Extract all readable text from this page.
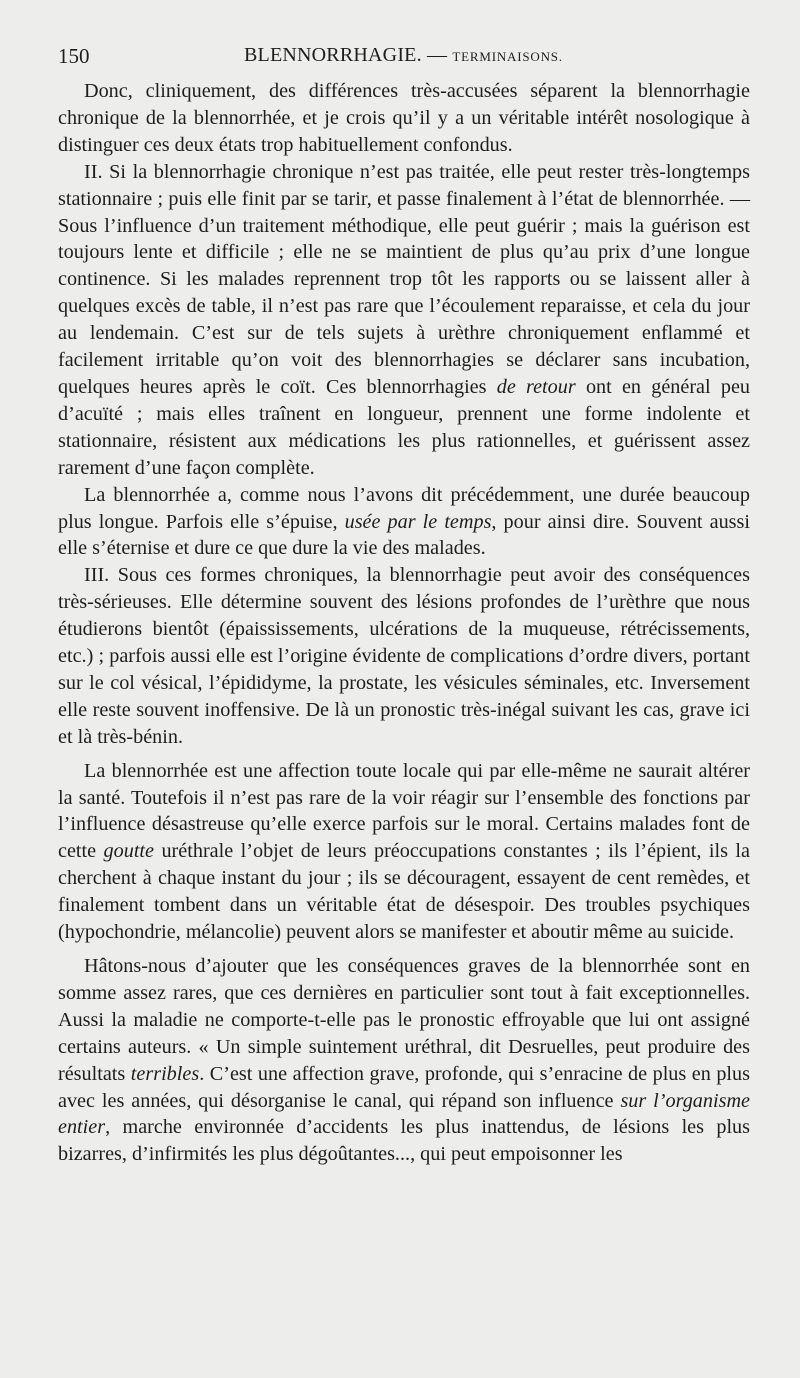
150	BLENNORRHAGIE. — TERMINAISONS.

Donc, cliniquement, des différences très-accusées séparent la blennorrhagie chronique de la blennorrhée, et je crois qu’il y a un véritable intérêt nosologique à distinguer ces deux états trop habituellement confondus.

II. Si la blennorrhagie chronique n’est pas traitée, elle peut rester très-longtemps stationnaire ; puis elle finit par se tarir, et passe finalement à l’état de blennorrhée. — Sous l’influence d’un traitement méthodique, elle peut guérir ; mais la guérison est toujours lente et difficile ; elle ne se maintient de plus qu’au prix d’une longue continence. Si les malades reprennent trop tôt les rapports ou se laissent aller à quelques excès de table, il n’est pas rare que l’écoulement reparaisse, et cela du jour au lendemain. C’est sur de tels sujets à urèthre chroniquement enflammé et facilement irritable qu’on voit des blennorrhagies se déclarer sans incubation, quelques heures après le coït. Ces blennorrhagies de retour ont en général peu d’acuïté ; mais elles traînent en longueur, prennent une forme indolente et stationnaire, résistent aux médications les plus rationnelles, et guérissent assez rarement d’une façon complète.

La blennorrhée a, comme nous l’avons dit précédemment, une durée beaucoup plus longue. Parfois elle s’épuise, usée par le temps, pour ainsi dire. Souvent aussi elle s’éternise et dure ce que dure la vie des malades.

III. Sous ces formes chroniques, la blennorrhagie peut avoir des conséquences très-sérieuses. Elle détermine souvent des lésions profondes de l’urèthre que nous étudierons bientôt (épaississements, ulcérations de la muqueuse, rétrécissements, etc.) ; parfois aussi elle est l’origine évidente de complications d’ordre divers, portant sur le col vésical, l’épididyme, la prostate, les vésicules séminales, etc. Inversement elle reste souvent inoffensive. De là un pronostic très-inégal suivant les cas, grave ici et là très-bénin.

La blennorrhée est une affection toute locale qui par elle-même ne saurait altérer la santé. Toutefois il n’est pas rare de la voir réagir sur l’ensemble des fonctions par l’influence désastreuse qu’elle exerce parfois sur le moral. Certains malades font de cette goutte uréthrale l’objet de leurs préoccupations constantes ; ils l’épient, ils la cherchent à chaque instant du jour ; ils se découragent, essayent de cent remèdes, et finalement tombent dans un véritable état de désespoir. Des troubles psychiques (hypochondrie, mélancolie) peuvent alors se manifester et aboutir même au suicide.

Hâtons-nous d’ajouter que les conséquences graves de la blennorrhée sont en somme assez rares, que ces dernières en particulier sont tout à fait exceptionnelles. Aussi la maladie ne comporte-t-elle pas le pronostic effroyable que lui ont assigné certains auteurs. « Un simple suintement uréthral, dit Desruelles, peut produire des résultats terribles. C’est une affection grave, profonde, qui s’enracine de plus en plus avec les années, qui désorganise le canal, qui répand son influence sur l’organisme entier, marche environnée d’accidents les plus inattendus, de lésions les plus bizarres, d’infirmités les plus dégoûtantes..., qui peut empoisonner les
